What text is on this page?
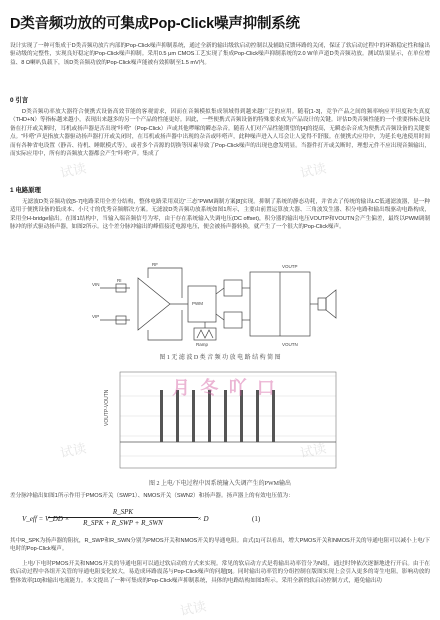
D类音频功放的可集成Pop-Click噪声抑制系统

设计实现了一种可集成于D类音频功放片内部的Pop-Click噪声抑制系统，通过全新的输出级软启动控制以及辅助反馈环路的关闭，保证了软启动过程中的环路稳定性和输出驱动级的完整性，实现良好稳定的Pop-Click噪声抑制。采用0.5 μm CMOS工艺实现了集成Pop-Click噪声抑制系统的2.0 W单声道D类音频功放。测试结果显示，在单位增益、8 Ω喇叭负载下，该D类音频功放的Pop-Click噪声能被有效抑制至1.5 mV内。

0 引言

D类音频功率放大器符合便携式设备高效节能的客观需求，因而在音频模拟集成领域得到越来越广泛的应用。随着[1-3]，竞争产品之间的频率响应平坦度和失真度（THD+N）等指标越来越小，表现出来越多的另一个产品的性能更好。因此，一些便携式音频设备的特殊要求成为产品设计的关键。评估D类音频性能的一个重要指标是设备在打开或关断时，耳机或扬声器是否出现“咔嗒”（Pop-Click）声或其他啰嗦的瞬态杂音。随着人们对产品性能期望的[4]的提高，无瞬态杂音成为便携式音频设备的关键要点。“咔嗒”声是指放大器驱动扬声器打开或关闭时，在耳机或扬声器中出现的杂音或咔嗒声，此种噪声进入人耳会让人觉得不舒服。在便携式应用中，为延长电池使用时间而有各种省电设置（静音、待机、睡眠模式等），或者多个音源的切换等因素导致了Pop-Click噪声的出现也愈发明显。当器件打开或关断时，理想元件不应出现音频输出，而实际应用中，所有的音频放大器都会产生“咔嗒”声。集成了

1 电路原理

无滤波D类音频功放[5-7]电路采用全差分结构，整体电路采用双边“三态”PWM调制方案[8]实现。抑制了系统的静态功耗，并省去了传统的输出LC低通滤波器，是一种适用于便携设备的低成本、小尺寸的优秀音频解决方案。无滤波D类音频功放系统如图1所示，主要由前置运算放大器、三角波发生器、积分电路和输出级驱动电路构成，采用全H-bridge输出。在图1结构中，当输入端音频信号为零，由于存在系统输入失调电压(DC offset)，积分器的输出电压VOUTP和VOUTN会产生偏差，最终以PWM调制脉冲的形式驱动扬声器，如图2所示。这个差分脉冲输出的峰值接近电源电压，便会被扬声器转换，就产生了一个很大的Pop-Click噪声。

VIN
VIP
RF
RI
PWM
Ramp
VOUTP
VOUTN
图 1 无 滤 波 D 类 音 频 功 放 电 路 结 构 简 图
VOUTP-VOUTN
月 冬 吖 口
图 2 上电/下电过程中因系统输入失调产生的PWM输出

差分脉冲输出如图1所示作用于PMOS开关（SWP1）、NMOS开关（SWN2）和扬声器。扬声器上的有效电压值为：

V_eff = V_DD ×
R_SPK
R_SPK + R_SWP + R_SWN	× D	(1)

其中R_SPK为扬声器的阻抗，R_SWP和R_SWN分别为PMOS开关和NMOS开关的导通电阻。由式(1)可以看出，增大PMOS开关和NMOS开关的导通电阻可以减小上电/下电时的Pop-Click噪声。

上电/下电时PMOS开关和NMOS开关的导通电阻可以通过软启动的方式来实现。常见的软启动方式是将输出功率管分为N组，通过时钟依次逐渐地进行开启。由于在软启动过程中各组开关管的导通电阻变化较大，易造成环路震荡与Pop-Click噪声的问题[9]。同时输出功率管的分组控制在版图实现上会引入更多的寄生电阻，影响功放的整体效率[10]和输出电流能力。本文提出了一种可集成的Pop-Click噪声抑制系统，具体的电路结构如图3所示。采用全新的软启动控制方式，避免输出功

试读	试读
试读	试读
试读
